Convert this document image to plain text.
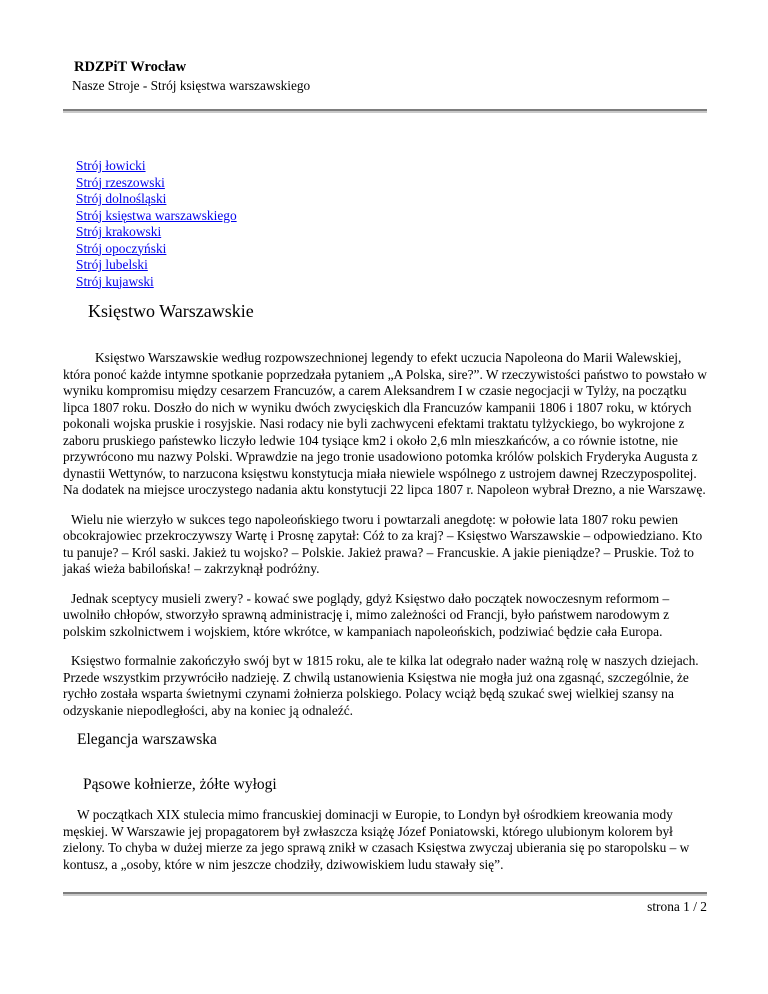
RDZPiT Wrocław
Nasze Stroje - Strój księstwa warszawskiego
Strój łowicki
Strój rzeszowski
Strój dolnośląski
Strój księstwa warszawskiego
Strój krakowski
Strój opoczyński
Strój lubelski
Strój kujawski
Księstwo Warszawskie

Księstwo Warszawskie według rozpowszechnionej legendy to efekt uczucia Napoleona do Marii Walewskiej, która ponoć każde intymne spotkanie poprzedzała pytaniem „A Polska, sire?”. W rzeczywistości państwo to powstało w wyniku kompromisu między cesarzem Francuzów, a carem Aleksandrem I w czasie negocjacji w Tylży, na początku lipca 1807 roku. Doszło do nich w wyniku dwóch zwycięskich dla Francuzów kampanii 1806 i 1807 roku, w których pokonali wojska pruskie i rosyjskie. Nasi rodacy nie byli zachwyceni efektami traktatu tylżyckiego, bo wykrojone z zaboru pruskiego państewko liczyło ledwie 104 tysiące km2 i około 2,6 mln mieszkańców, a co równie istotne, nie przywrócono mu nazwy Polski. Wprawdzie na jego tronie usadowiono potomka królów polskich Fryderyka Augusta z dynastii Wettynów, to narzucona księstwu konstytucja miała niewiele wspólnego z ustrojem dawnej Rzeczypospolitej. Na dodatek na miejsce uroczystego nadania aktu konstytucji 22 lipca 1807 r. Napoleon wybrał Drezno, a nie Warszawę.

Wielu nie wierzyło w sukces tego napoleońskiego tworu i powtarzali anegdotę: w połowie lata 1807 roku pewien obcokrajowiec przekroczywszy Wartę i Prosnę zapytał: Cóż to za kraj? – Księstwo Warszawskie – odpowiedziano. Kto tu panuje? – Król saski. Jakież tu wojsko? – Polskie. Jakież prawa? – Francuskie. A jakie pieniądze? – Pruskie. Toż to jakaś wieża babilońska! – zakrzyknął podróżny.

Jednak sceptycy musieli zwery? - kować swe poglądy, gdyż Księstwo dało początek nowoczesnym reformom – uwolniło chłopów, stworzyło sprawną administrację i, mimo zależności od Francji, było państwem narodowym z polskim szkolnictwem i wojskiem, które wkrótce, w kampaniach napoleońskich, podziwiać będzie cała Europa.

Księstwo formalnie zakończyło swój byt w 1815 roku, ale te kilka lat odegrało nader ważną rolę w naszych dziejach. Przede wszystkim przywróciło nadzieję. Z chwilą ustanowienia Księstwa nie mogła już ona zgasnąć, szczególnie, że rychło została wsparta świetnymi czynami żołnierza polskiego. Polacy wciąż będą szukać swej wielkiej szansy na odzyskanie niepodległości, aby na koniec ją odnaleźć.

Elegancja warszawska
Pąsowe kołnierze, żółte wyłogi

W początkach XIX stulecia mimo francuskiej dominacji w Europie, to Londyn był ośrodkiem kreowania mody męskiej. W Warszawie jej propagatorem był zwłaszcza książę Józef Poniatowski, którego ulubionym kolorem był zielony. To chyba w dużej mierze za jego sprawą znikł w czasach Księstwa zwyczaj ubierania się po staropolsku – w kontusz, a „osoby, które w nim jeszcze chodziły, dziwowiskiem ludu stawały się”.

strona 1 / 2
